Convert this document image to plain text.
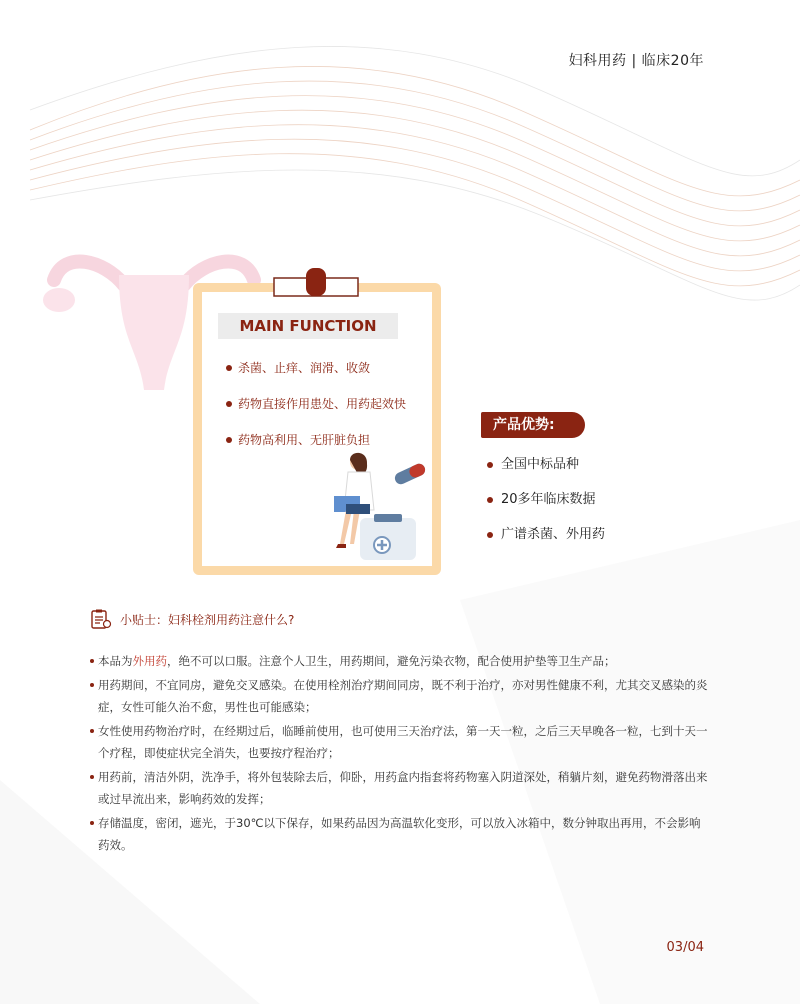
妇科用药 | 临床20年
MAIN FUNCTION
杀菌、止痒、润滑、收敛
药物直接作用患处、用药起效快
药物高利用、无肝脏负担
产品优势:
全国中标品种
20多年临床数据
广谱杀菌、外用药
小贴士：妇科栓剂用药注意什么?
本品为外用药，绝不可以口服。注意个人卫生，用药期间，避免污染衣物，配合使用护垫等卫生产品；
用药期间，不宜同房，避免交叉感染。在使用栓剂治疗期间同房，既不利于治疗，亦对男性健康不利，尤其交叉感染的炎症，女性可能久治不愈，男性也可能感染；
女性使用药物治疗时，在经期过后，临睡前使用，也可使用三天治疗法，第一天一粒，之后三天早晚各一粒，七到十天一个疗程，即使症状完全消失，也要按疗程治疗；
用药前，清洁外阴，洗净手，将外包装除去后，仰卧，用药盒内指套将药物塞入阴道深处，稍躺片刻，避免药物滑落出来或过早流出来，影响药效的发挥；
存储温度，密闭，遮光，于30℃以下保存，如果药品因为高温软化变形，可以放入冰箱中，数分钟取出再用，不会影响药效。
03/04
